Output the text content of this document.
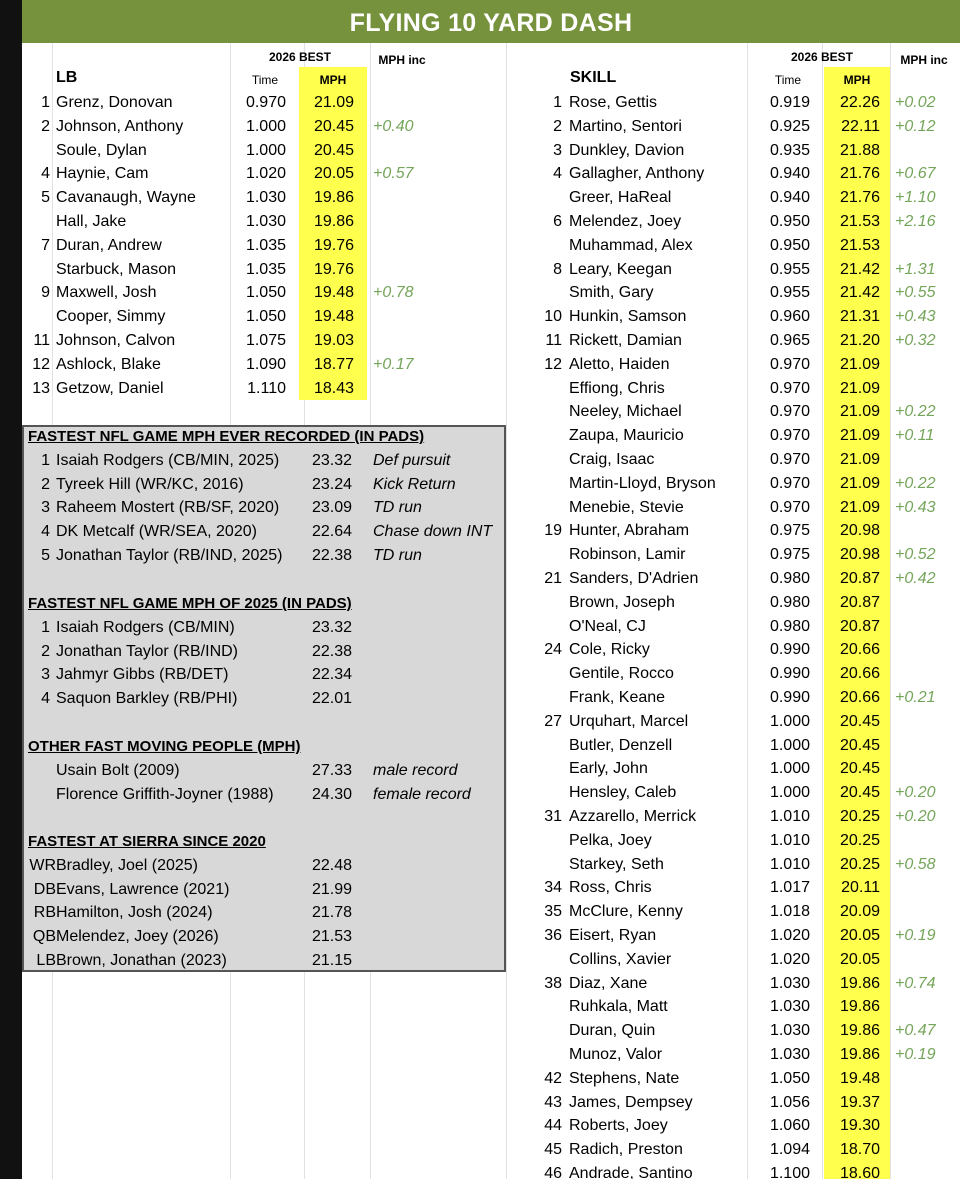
FLYING 10 YARD DASH
2026 BEST
Time	MPH
MPH inc
LB
2026 BEST
Time	MPH
MPH inc
SKILL
1 Grenz, Donovan	0.970	21.09
2 Johnson, Anthony	1.000	20.45 +0.40
Soule, Dylan	1.000	20.45
4 Haynie, Cam	1.020	20.05 +0.57
5 Cavanaugh, Wayne	1.030	19.86
Hall, Jake	1.030	19.86
7 Duran, Andrew	1.035	19.76
Starbuck, Mason	1.035	19.76
9 Maxwell, Josh	1.050	19.48 +0.78
Cooper, Simmy	1.050	19.48
11 Johnson, Calvon	1.075	19.03
12 Ashlock, Blake	1.090	18.77 +0.17
13 Getzow, Daniel	1.110	18.43
1 Rose, Gettis	0.919	22.26 +0.02
2 Martino, Sentori	0.925	22.11 +0.12
3 Dunkley, Davion	0.935	21.88
4 Gallagher, Anthony	0.940	21.76 +0.67
Greer, HaReal	0.940	21.76 +1.10
6 Melendez, Joey	0.950	21.53 +2.16
Muhammad, Alex	0.950	21.53
8 Leary, Keegan	0.955	21.42 +1.31
Smith, Gary	0.955	21.42 +0.55
10 Hunkin, Samson	0.960	21.31 +0.43
11 Rickett, Damian	0.965	21.20 +0.32
12 Aletto, Haiden	0.970	21.09
Effiong, Chris	0.970	21.09
Neeley, Michael	0.970	21.09 +0.22
Zaupa, Mauricio	0.970	21.09 +0.11
Craig, Isaac	0.970	21.09
Martin-Lloyd, Bryson	0.970	21.09 +0.22
Menebie, Stevie	0.970	21.09 +0.43
19 Hunter, Abraham	0.975	20.98
Robinson, Lamir	0.975	20.98 +0.52
21 Sanders, D'Adrien	0.980	20.87 +0.42
Brown, Joseph	0.980	20.87
O'Neal, CJ	0.980	20.87
24 Cole, Ricky	0.990	20.66
Gentile, Rocco	0.990	20.66
Frank, Keane	0.990	20.66 +0.21
27 Urquhart, Marcel	1.000	20.45
Butler, Denzell	1.000	20.45
Early, John	1.000	20.45
Hensley, Caleb	1.000	20.45 +0.20
31 Azzarello, Merrick	1.010	20.25 +0.20
Pelka, Joey	1.010	20.25
Starkey, Seth	1.010	20.25 +0.58
34 Ross, Chris	1.017	20.11
35 McClure, Kenny	1.018	20.09
36 Eisert, Ryan	1.020	20.05 +0.19
Collins, Xavier	1.020	20.05
38 Diaz, Xane	1.030	19.86 +0.74
Ruhkala, Matt	1.030	19.86
Duran, Quin	1.030	19.86 +0.47
Munoz, Valor	1.030	19.86 +0.19
42 Stephens, Nate	1.050	19.48
43 James, Dempsey	1.056	19.37
44 Roberts, Joey	1.060	19.30
45 Radich, Preston	1.094	18.70
46 Andrade, Santino	1.100	18.60
FASTEST NFL GAME MPH EVER RECORDED (IN PADS)
1 Isaiah Rodgers (CB/MIN, 2025)	23.32	Def pursuit
2 Tyreek Hill (WR/KC, 2016)	23.24	Kick Return
3 Raheem Mostert (RB/SF, 2020)	23.09	TD run
4 DK Metcalf (WR/SEA, 2020)	22.64	Chase down INT
5 Jonathan Taylor (RB/IND, 2025)	22.38	TD run
FASTEST NFL GAME MPH OF 2025 (IN PADS)
1 Isaiah Rodgers (CB/MIN)	23.32
2 Jonathan Taylor (RB/IND)	22.38
3 Jahmyr Gibbs (RB/DET)	22.34
4 Saquon Barkley (RB/PHI)	22.01
OTHER FAST MOVING PEOPLE (MPH)
Usain Bolt (2009)	27.33	male record
Florence Griffith-Joyner (1988)	24.30	female record
FASTEST AT SIERRA SINCE 2020
WR Bradley, Joel (2025)	22.48
DB Evans, Lawrence (2021)	21.99
RB Hamilton, Josh (2024)	21.78
QB Melendez, Joey (2026)	21.53
LB Brown, Jonathan (2023)	21.15
